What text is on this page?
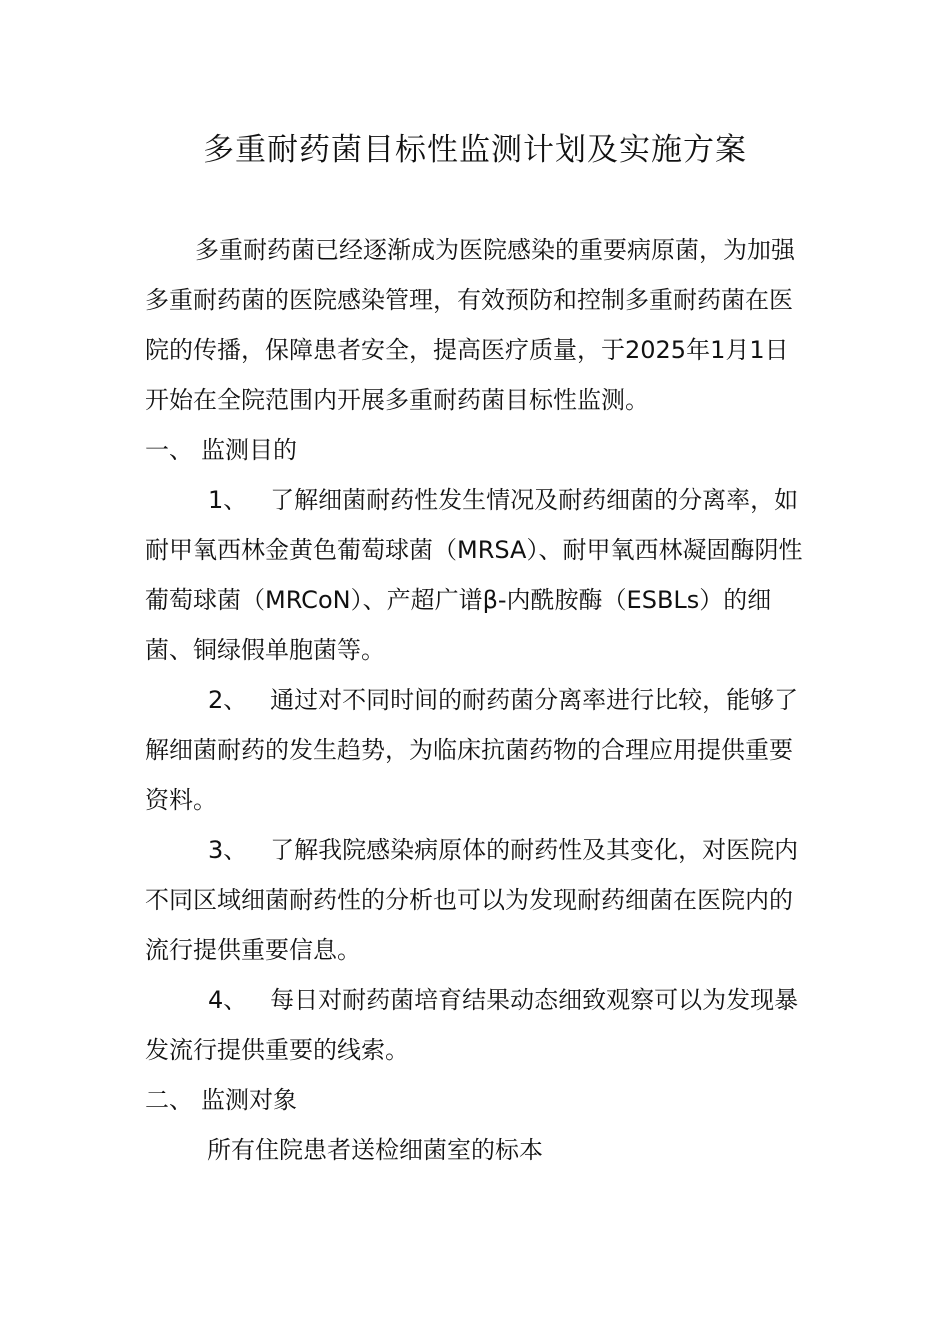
多重耐药菌目标性监测计划及实施方案

多重耐药菌已经逐渐成为医院感染的重要病原菌，为加强多重耐药菌的医院感染管理，有效预防和控制多重耐药菌在医院的传播，保障患者安全，提高医疗质量，于2025年1月1日开始在全院范围内开展多重耐药菌目标性监测。

一、 监测目的

1、 了解细菌耐药性发生情况及耐药细菌的分离率，如耐甲氧西林金黄色葡萄球菌（MRSA）、耐甲氧西林凝固酶阴性葡萄球菌（MRCoN）、产超广谱β-内酰胺酶（ESBLs）的细菌、铜绿假单胞菌等。

2、 通过对不同时间的耐药菌分离率进行比较，能够了解细菌耐药的发生趋势，为临床抗菌药物的合理应用提供重要资料。

3、 了解我院感染病原体的耐药性及其变化，对医院内不同区域细菌耐药性的分析也可以为发现耐药细菌在医院内的流行提供重要信息。

4、 每日对耐药菌培育结果动态细致观察可以为发现暴发流行提供重要的线索。

二、 监测对象

所有住院患者送检细菌室的标本
